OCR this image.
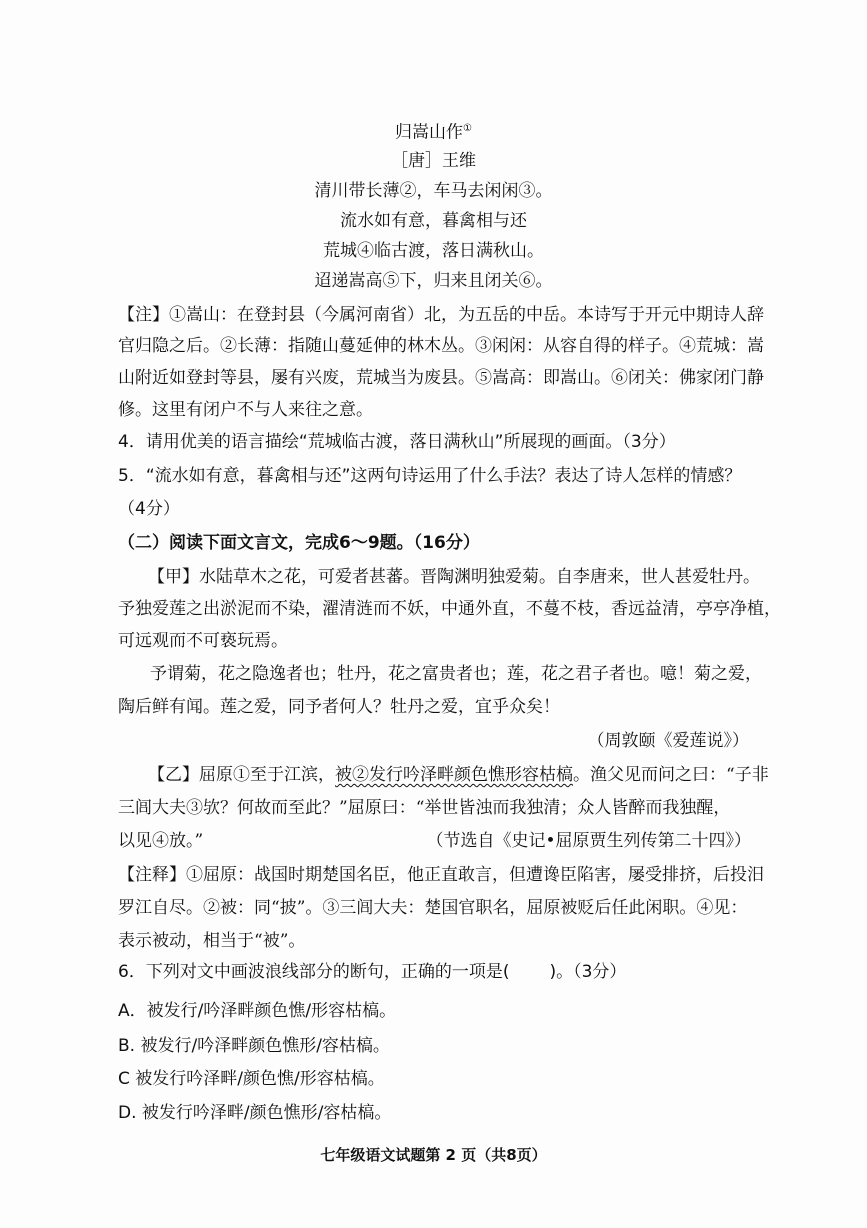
归嵩山作①
［唐］王维
清川带长薄②，车马去闲闲③。
流水如有意，暮禽相与还
荒城④临古渡，落日满秋山。
迢递嵩高⑤下，归来且闭关⑥。
【注】①嵩山：在登封县（今属河南省）北，为五岳的中岳。本诗写于开元中期诗人辞
官归隐之后。②长薄：指随山蔓延伸的林木丛。③闲闲：从容自得的样子。④荒城：嵩
山附近如登封等县，屡有兴废，荒城当为废县。⑤嵩高：即嵩山。⑥闭关：佛家闭门静
修。这里有闭户不与人来往之意。
4．请用优美的语言描绘“荒城临古渡，落日满秋山”所展现的画面。（3分）
5．“流水如有意，暮禽相与还”这两句诗运用了什么手法？表达了诗人怎样的情感？
（4分）
（二）阅读下面文言文，完成6～9题。（16分）
【甲】水陆草木之花，可爱者甚蕃。晋陶渊明独爱菊。自李唐来，世人甚爱牡丹。
予独爱莲之出淤泥而不染，濯清涟而不妖，中通外直，不蔓不枝，香远益清，亭亭净植，
可远观而不可亵玩焉。
予谓菊，花之隐逸者也；牡丹，花之富贵者也；莲，花之君子者也。噫！菊之爱，
陶后鲜有闻。莲之爱，同予者何人？牡丹之爱，宜乎众矣！
（周敦颐《爱莲说》）
【乙】屈原①至于江滨，被②发行吟泽畔颜色憔形容枯槁。渔父见而问之曰：“子非
三闾大夫③欤？何故而至此？”屈原曰：“举世皆浊而我独清；众人皆醉而我独醒，
以见④放。”	（节选自《史记•屈原贾生列传第二十四》）
【注释】①屈原：战国时期楚国名臣，他正直敢言，但遭谗臣陷害，屡受排挤，后投汨
罗江自尽。②被：同“披”。③三闾大夫：楚国官职名，屈原被贬后任此闲职。④见：
表示被动，相当于“被”。
6．下列对文中画波浪线部分的断句，正确的一项是( )。（3分）
A．被发行/吟泽畔颜色憔/形容枯槁。
B. 被发行/吟泽畔颜色憔形/容枯槁。
C 被发行吟泽畔/颜色憔/形容枯槁。
D. 被发行吟泽畔/颜色憔形/容枯槁。
七年级语文试题第 2 页（共8页）
